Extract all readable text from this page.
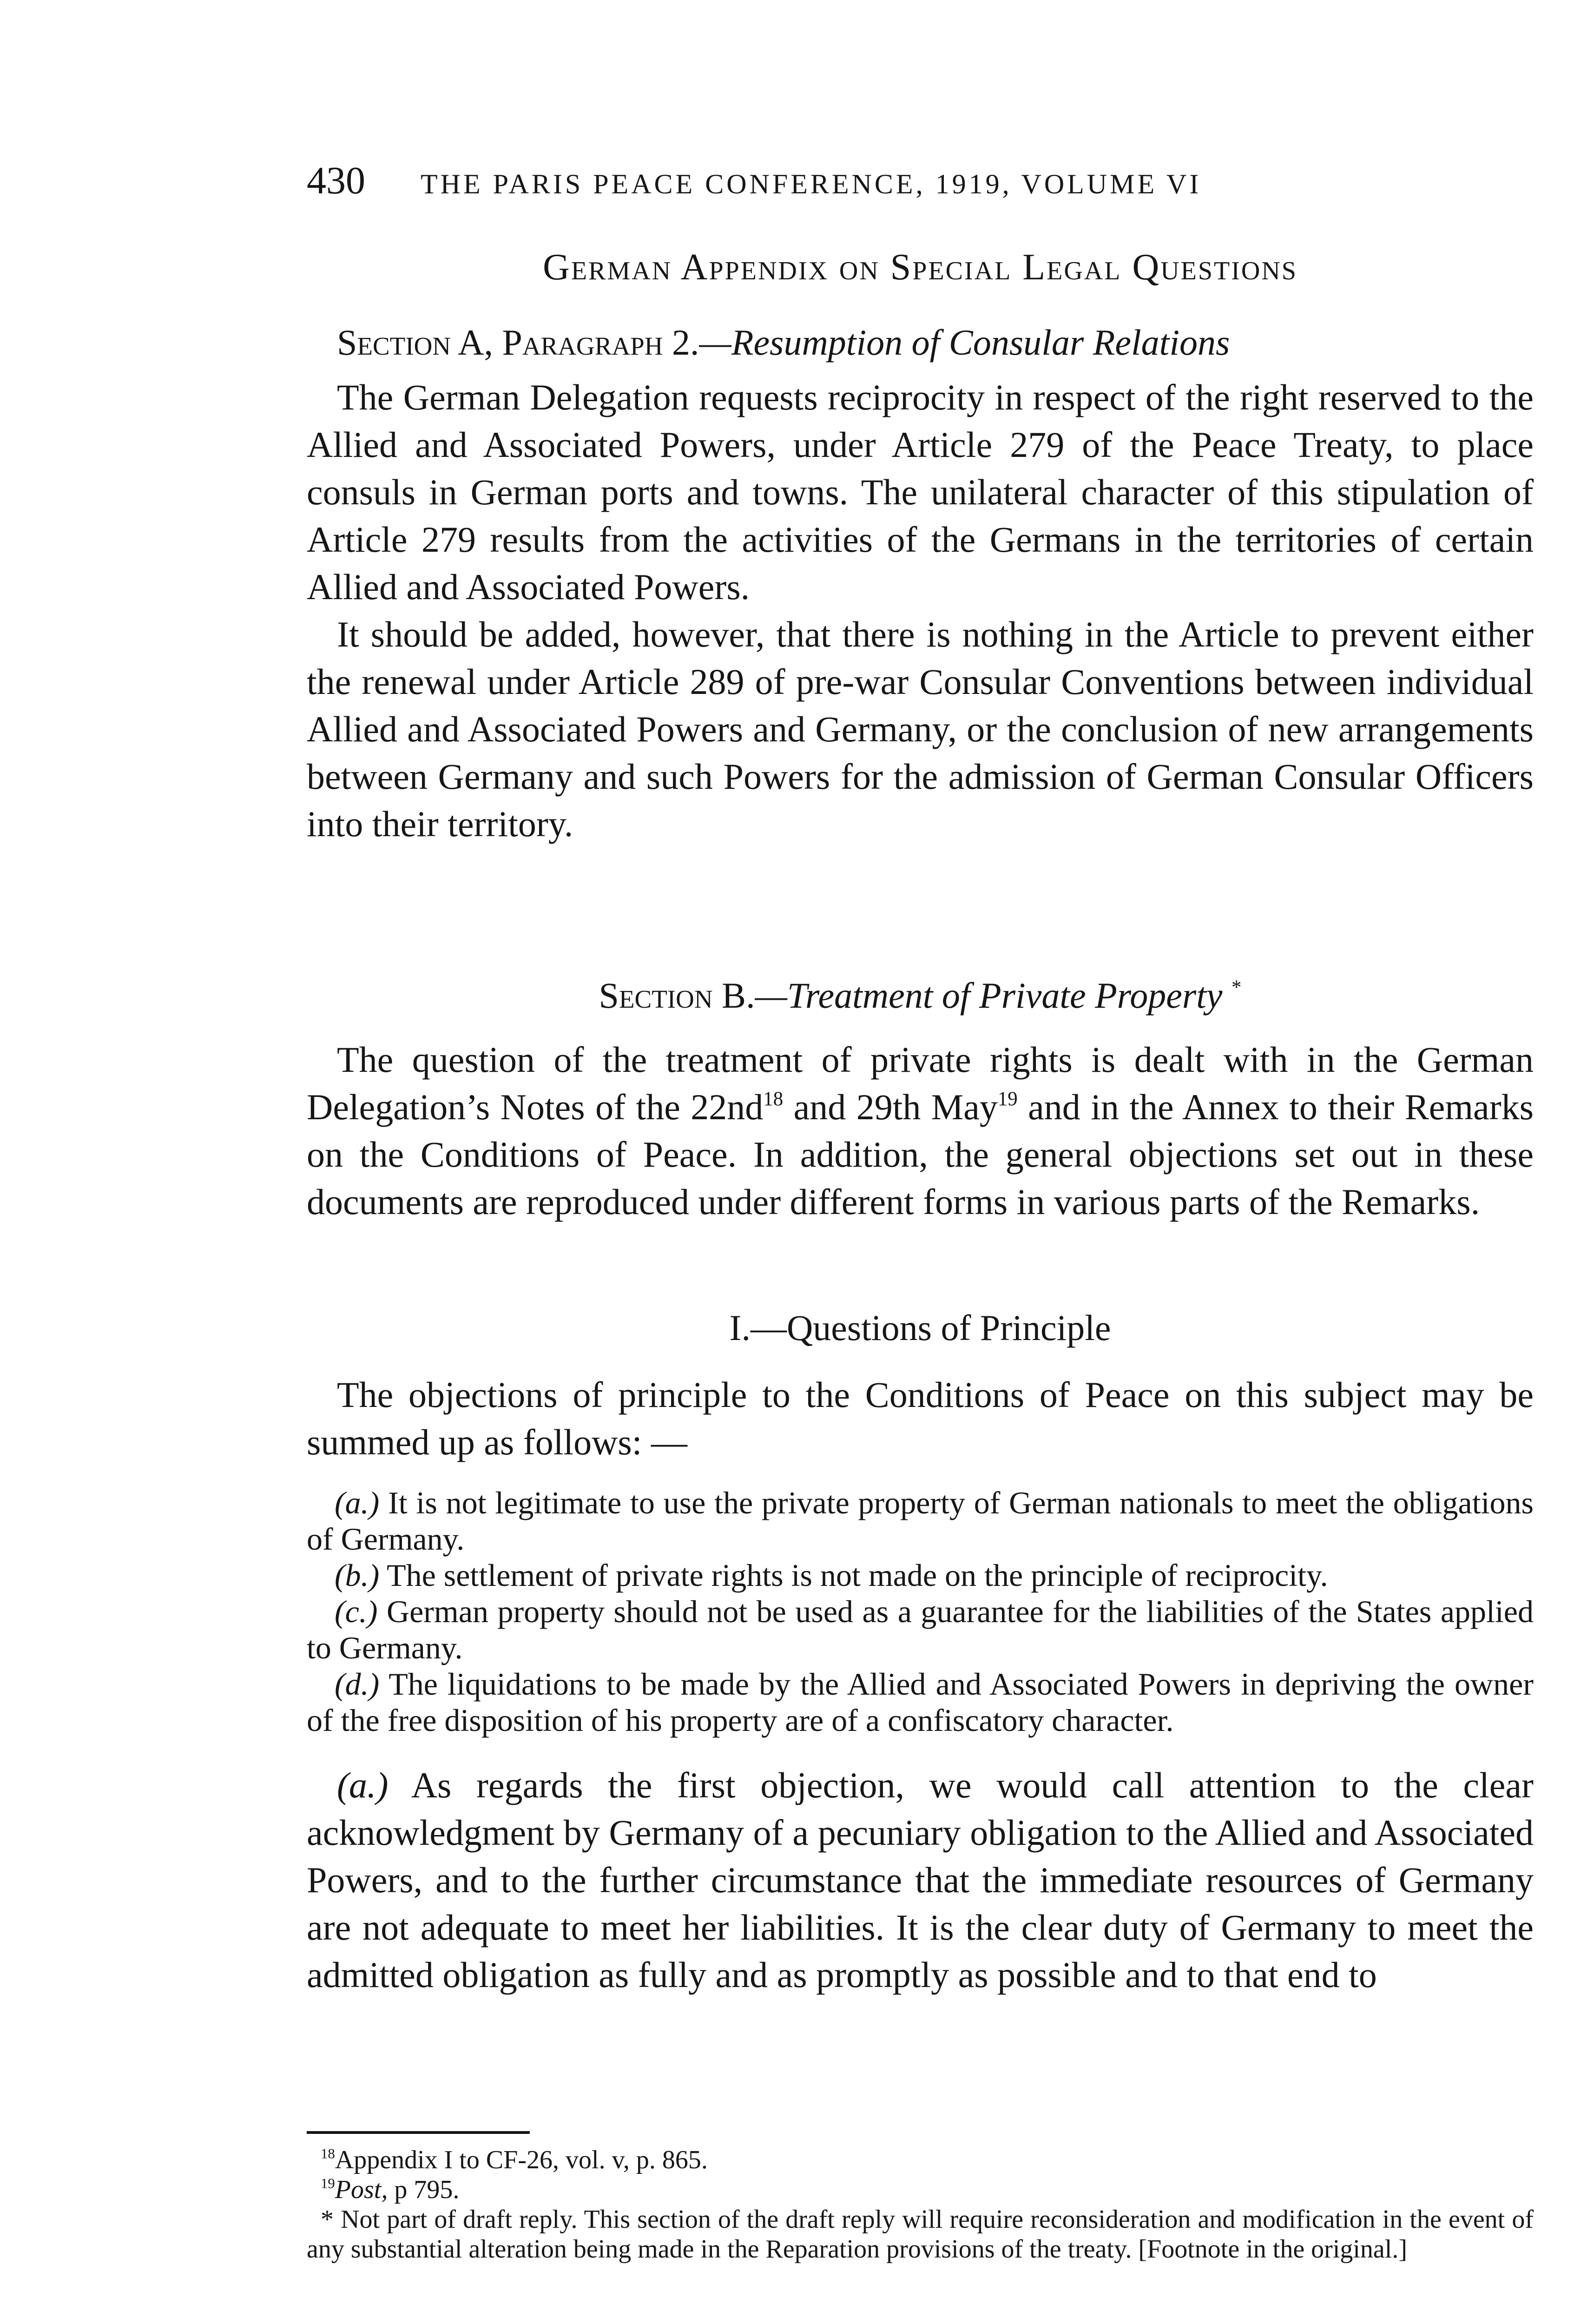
430 THE PARIS PEACE CONFERENCE, 1919, VOLUME VI
German Appendix on Special Legal Questions
Section A, Paragraph 2.—Resumption of Consular Relations

The German Delegation requests reciprocity in respect of the right reserved to the Allied and Associated Powers, under Article 279 of the Peace Treaty, to place consuls in German ports and towns. The unilateral character of this stipulation of Article 279 results from the activities of the Germans in the territories of certain Allied and Associated Powers.

It should be added, however, that there is nothing in the Article to prevent either the renewal under Article 289 of pre-war Consular Conventions between individual Allied and Associated Powers and Germany, or the conclusion of new arrangements between Germany and such Powers for the admission of German Consular Officers into their territory.

Section B.—Treatment of Private Property *

The question of the treatment of private rights is dealt with in the German Delegation’s Notes of the $22nd^{18}$ and 29th May$^{19}$ and in the Annex to their Remarks on the Conditions of Peace. In addition, the general objections set out in these documents are reproduced under different forms in various parts of the Remarks.

I.—Questions of Principle

The objections of principle to the Conditions of Peace on this subject may be summed up as follows: —

(a.) It is not legitimate to use the private property of German nationals to meet the obligations of Germany.

(b.) The settlement of private rights is not made on the principle of reciprocity.

(c.) German property should not be used as a guarantee for the liabilities of the States applied to Germany.

(d.) The liquidations to be made by the Allied and Associated Powers in depriving the owner of the free disposition of his property are of a confiscatory character.

(a.) As regards the first objection, we would call attention to the clear acknowledgment by Germany of a pecuniary obligation to the Allied and Associated Powers, and to the further circumstance that the immediate resources of Germany are not adequate to meet her liabilities. It is the clear duty of Germany to meet the admitted obligation as fully and as promptly as possible and to that end to

$^{18}$Appendix I to CF-26, vol. v, p. 865.

$^{19}$Post, p 795.

* Not part of draft reply. This section of the draft reply will require reconsideration and modification in the event of any substantial alteration being made in the Reparation provisions of the treaty. [Footnote in the original.]
